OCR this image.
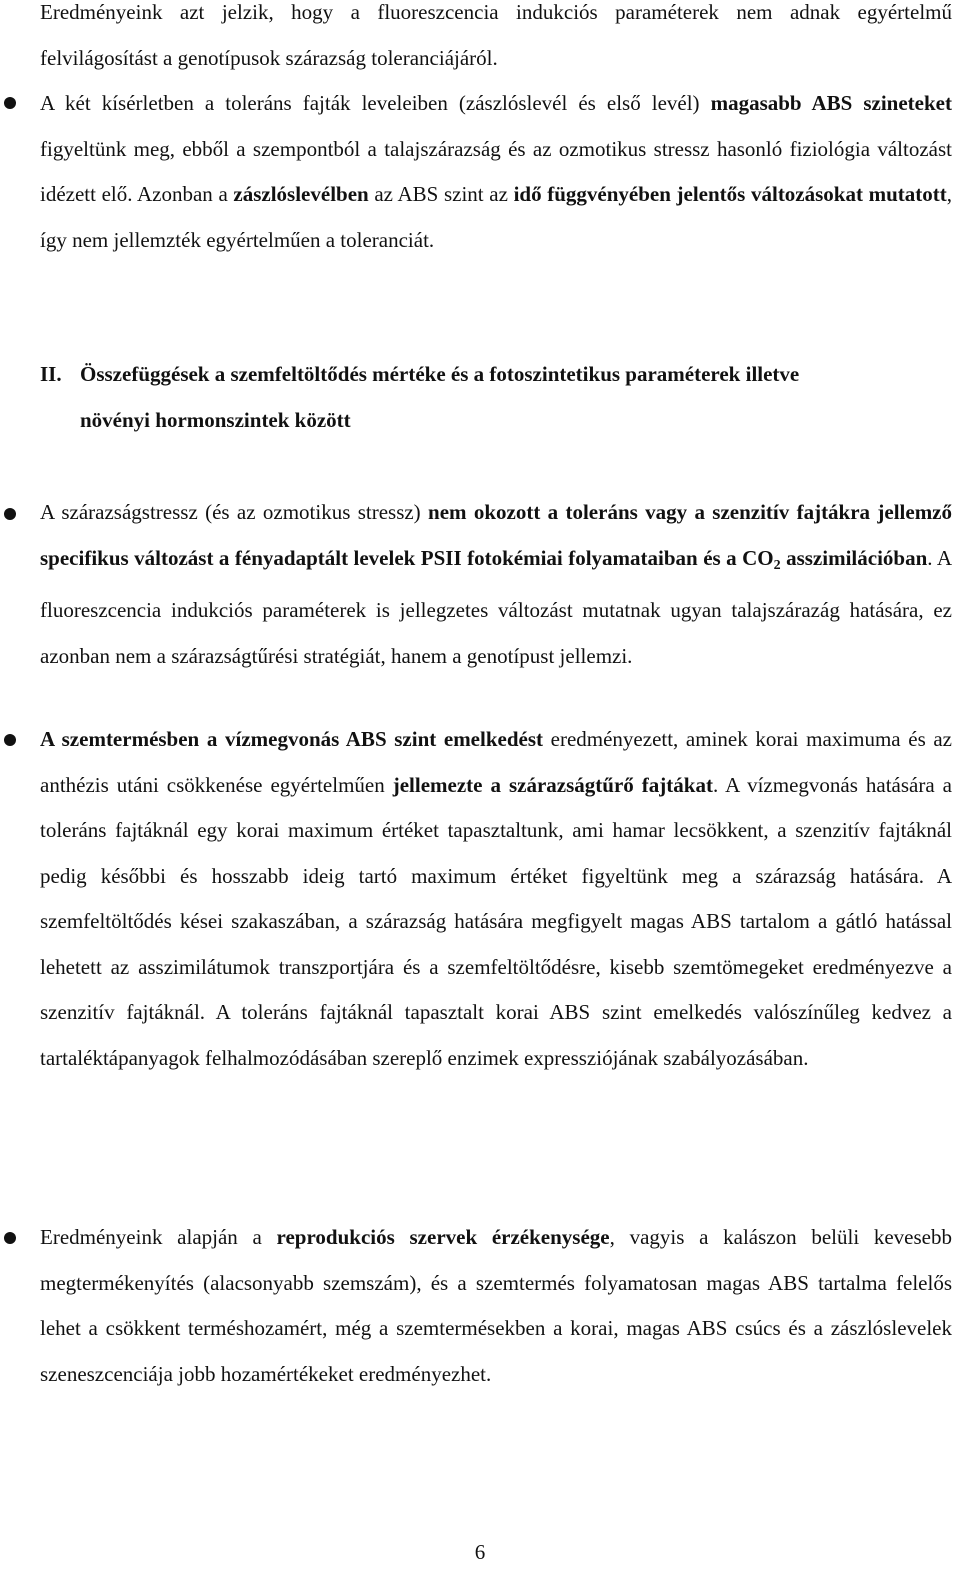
Eredményeink azt jelzik, hogy a fluoreszcencia indukciós paraméterek nem adnak egyértelmű felvilágosítást a genotípusok szárazság toleranciájáról.

A két kísérletben a toleráns fajták leveleiben (zászlóslevél és első levél) magasabb ABS szineteket figyeltünk meg, ebből a szempontból a talajszárazság és az ozmotikus stressz hasonló fiziológia változást idézett elő. Azonban a zászlóslevélben az ABS szint az idő függvényében jelentős változásokat mutatott, így nem jellemzték egyértelműen a toleranciát.

II. Összefüggések a szemfeltöltődés mértéke és a fotoszintetikus paraméterek illetve

növényi hormonszintek között

A szárazságstressz (és az ozmotikus stressz) nem okozott a toleráns vagy a szenzitív fajtákra jellemző specifikus változást a fényadaptált levelek PSII fotokémiai folyamataiban és a $CO_2$ asszimilációban. A fluoreszcencia indukciós paraméterek is jellegzetes változást mutatnak ugyan talajszárazág hatására, ez azonban nem a szárazságtűrési stratégiát, hanem a genotípust jellemzi.

A szemtermésben a vízmegvonás ABS szint emelkedést eredményezett, aminek korai maximuma és az anthézis utáni csökkenése egyértelműen jellemezte a szárazságtűrő fajtákat. A vízmegvonás hatására a toleráns fajtáknál egy korai maximum értéket tapasztaltunk, ami hamar lecsökkent, a szenzitív fajtáknál pedig későbbi és hosszabb ideig tartó maximum értéket figyeltünk meg a szárazság hatására. A szemfeltöltődés kései szakaszában, a szárazság hatására megfigyelt magas ABS tartalom a gátló hatással lehetett az asszimilátumok transzportjára és a szemfeltöltődésre, kisebb szemtömegeket eredményezve a szenzitív fajtáknál. A toleráns fajtáknál tapasztalt korai ABS szint emelkedés valószínűleg kedvez a tartaléktápanyagok felhalmozódásában szereplő enzimek expressziójának szabályozásában.

Eredményeink alapján a reprodukciós szervek érzékenysége, vagyis a kalászon belüli kevesebb megtermékenyítés (alacsonyabb szemszám), és a szemtermés folyamatosan magas ABS tartalma felelős lehet a csökkent terméshozamért, még a szemtermésekben a korai, magas ABS csúcs és a zászlóslevelek szeneszcenciája jobb hozamértékeket eredményezhet.

6
